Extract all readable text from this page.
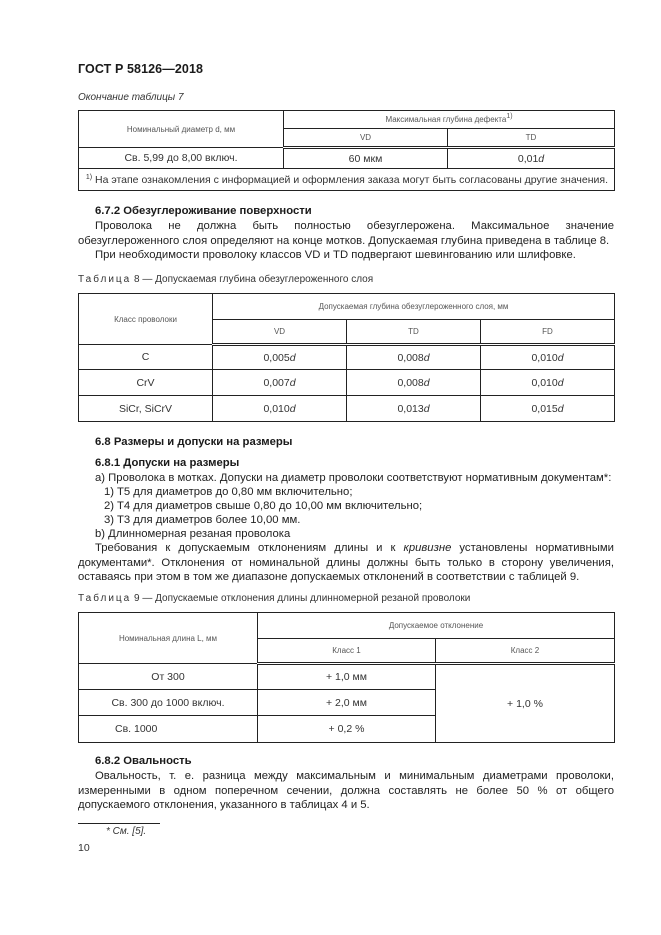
ГОСТ Р 58126—2018
Окончание таблицы 7
Номинальный диаметр d, мм	Максимальная глубина дефекта$^{1)}$
	VD	TD
Св. 5,99 до 8,00 включ.	60 мкм	0,01d
$^{1)}$ На этапе ознакомления с информацией и оформления заказа могут быть согласованы другие значения.		
6.7.2 Обезуглероживание поверхности
Проволока не должна быть полностью обезуглерожена. Максимальное значение обезуглероженного слоя определяют на конце мотков. Допускаемая глубина приведена в таблице 8.
При необходимости проволоку классов VD и TD подвергают шевингованию или шлифовке.
Таблица 8 — Допускаемая глубина обезуглероженного слоя
Класс проволоки	Допускаемая глубина обезуглероженного слоя, мм		
	VD	TD	FD
C	0,005d	0,008d	0,010d
CrV	0,007d	0,008d	0,010d
SiCr, SiCrV	0,010d	0,013d	0,015d
6.8 Размеры и допуски на размеры
6.8.1 Допуски на размеры
a) Проволока в мотках. Допуски на диаметр проволоки соответствуют нормативным документам*:
1) T5 для диаметров до 0,80 мм включительно;
2) T4 для диаметров свыше 0,80 до 10,00 мм включительно;
3) T3 для диаметров более 10,00 мм.
b) Длинномерная резаная проволока
Требования к допускаемым отклонениям длины и к кривизне установлены нормативными документами*. Отклонения от номинальной длины должны быть только в сторону увеличения, оставаясь при этом в том же диапазоне допускаемых отклонений в соответствии с таблицей 9.
Таблица 9 — Допускаемые отклонения длины длинномерной резаной проволоки
Номинальная длина L, мм	Допускаемое отклонение	
	Класс 1	Класс 2
От 300	+ 1,0 мм	+ 1,0 %
Св. 300 до 1000 включ.	+ 2,0 мм	
Св. 1000	+ 0,2 %	
6.8.2 Овальность
Овальность, т. е. разница между максимальным и минимальным диаметрами проволоки, измеренными в одном поперечном сечении, должна составлять не более 50 % от общего допускаемого отклонения, указанного в таблицах 4 и 5.
* См. [5].
10
